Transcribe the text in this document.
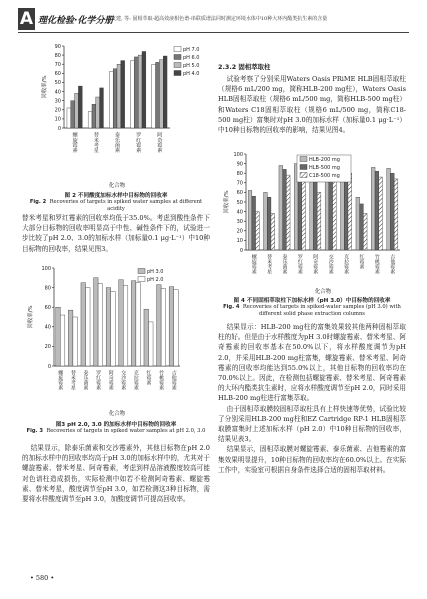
A 理化检验·化学分册
郭文建, 等: 固相萃取-超高效液相色谱-串联质谱法同时测定环境水体中10种大环内酯类抗生素的含量
0
10
20
30
40
50
60
70
80
90
回收率/%
螺旋霉素	替米考星	泰乐菌素	罗红霉素	阿奇霉素
化合物
pH 7.0
pH 6.0
pH 5.0
pH 4.0
图 2 不同酸度加标水样中目标物的回收率
Fig. 2 Recoveries of targets in spiked water samples at different acidity

替米考星和罗红霉素的回收率均低于35.0%。考虑到酸性条件下大部分目标物的回收率明显高于中性、碱性条件下的，试验进一步比较了pH 2.0、3.0的加标水样（加标量0.1 μg·L⁻¹）中10种目标物的回收率，结果见图3。

0
20
40
60
80
100
回收率/%
螺旋霉素 替米考星 泰乐菌素 罗红霉素 阿奇霉素 交沙霉素 克拉霉素 红霉素 竹桃霉素 吉他霉素
化合物
pH 3.0
pH 2.0
图3 pH 2.0, 3.0 的加标水样中目标物的回收率
Fig. 3 Recoveries of targets in spiked water samples at pH 2.0, 3.0

结果显示，除泰乐菌素和交沙霉素外，其他目标物在pH 2.0的加标水样中的回收率均高于pH 3.0的加标水样中的，尤其对于螺旋霉素、替米考星、阿奇霉素，考虑到样品溶液酸度较高可能对色谱柱造成损伤，实际检测中如若不检测阿奇霉素、螺旋霉素、替米考星，酸度调节至pH 3.0，如若检测这3种目标物，需要将水样酸度调节至pH 3.0，加酸度调节可提高回收率。

2.3.2 固相萃取柱

试验考察了分别采用Waters Oasis PRiME HLB固相萃取柱（规格6 mL/200 mg，简称HLB-200 mg柱），Waters Oasis HLB固相萃取柱（规格6 mL/500 mg，简称HLB-500 mg柱）和Waters C18固相萃取柱（规格6 mL/500 mg，简称C18-500 mg柱）富集时对pH 3.0的加标水样（加标量0.1 μg·L⁻¹）中10种目标物的回收率的影响，结果见图4。

0
10
20
30
40
50
60
70
80
90
100
回收率/%
螺旋霉素 替米考星 泰乐菌素 罗红霉素 阿奇霉素 交沙霉素 克拉霉素 红霉素 竹桃霉素 吉他霉素
化合物
HLB-200 mg
HLB-500 mg
C18-500 mg
图 4 不同固相萃取柱下加标水样（pH 3.0）中目标物的回收率
Fig. 4 Recoveries of targets in spiked-water samples (pH 3.0) with different solid phase extraction columns

结果显示：HLB-200 mg柱的富集效果较其他两种固相萃取柱的好。但是由于水样酸度为pH 3.0时螺旋霉素、替米考星、阿奇霉素的回收率基本在50.0%以下，将水样酸度调节为pH 2.0，并采用HLB-200 mg柱富集，螺旋霉素、替米考星、阿奇霉素的回收率均能达到55.0%以上，其他目标物的回收率均在70.0%以上。因此，在检测包括螺旋霉素、替米考星、阿奇霉素的大环内酯类抗生素时，应将水样酸度调节至pH 2.0，同时采用HLB-200 mg柱进行富集萃取。

由于固相萃取膜较固相萃取柱具有上样快速等优势，试验比较了分别采用HLB-200 mg柱和EZ Cartridge RP-1 HLB固相萃取膜富集时上述加标水样（pH 2.0）中10种目标物的回收率，结果见表3。

结果显示，固相萃取膜对螺旋霉素、泰乐菌素、吉他霉素的富集效果明显提升，10种目标物的回收率均在60.0%以上。在实际工作中，实验室可根据自身条件选择合适的固相萃取材料。

• 580 •
